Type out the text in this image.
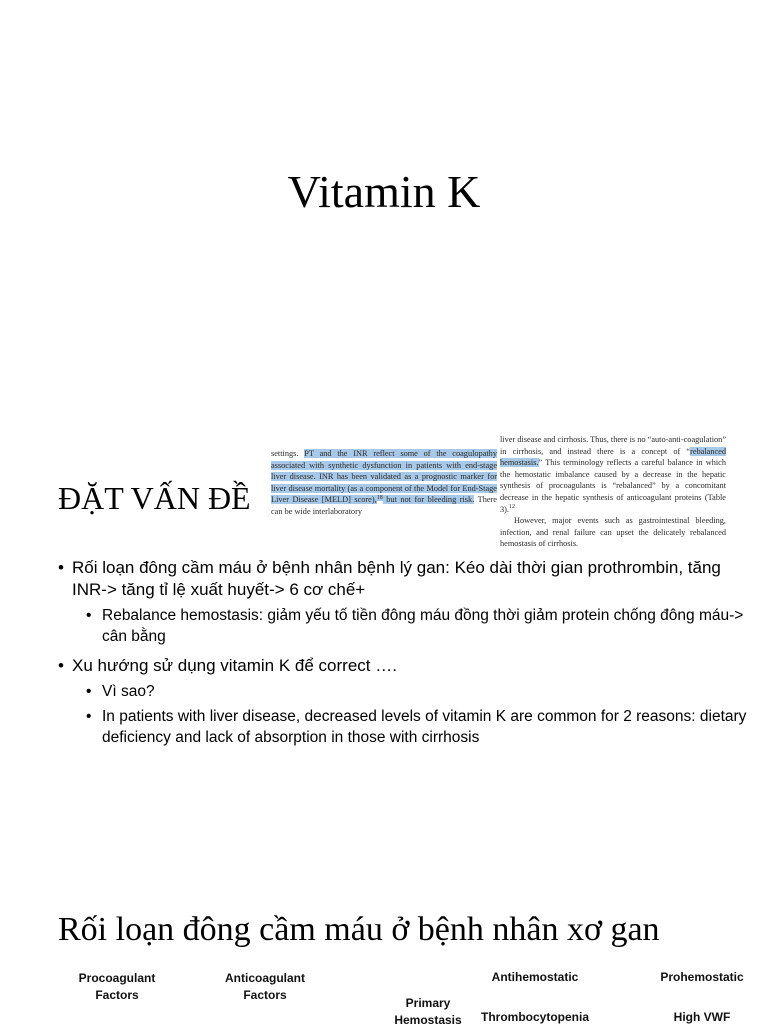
Vitamin K
ĐẶT VẤN ĐỀ

settings. PT and the INR reflect some of the coagulopathy associated with synthetic dysfunction in patients with end-stage liver disease. INR has been validated as a prognostic marker for liver disease mortality (as a component of the Model for End-Stage Liver Disease [MELD] score),$^{18}$ but not for bleeding risk. There can be wide interlaboratory

liver disease and cirrhosis. Thus, there is no “auto-anti-coagulation” in cirrhosis, and instead there is a concept of “rebalanced hemostasis.” This terminology reflects a careful balance in which the hemostatic imbalance caused by a decrease in the hepatic synthesis of procoagulants is “rebalanced” by a concomitant decrease in the hepatic synthesis of anticoagulant proteins (Table 3).$^{12}$

However, major events such as gastrointestinal bleeding, infection, and renal failure can upset the delicately rebalanced hemostasis of cirrhosis.

• Rối loạn đông cầm máu ở bệnh nhân bệnh lý gan: Kéo dài thời gian prothrombin, tăng INR-> tăng tỉ lệ xuất huyết-> 6 cơ chế+
• Rebalance hemostasis: giảm yếu tố tiền đông máu đồng thời giảm protein chống đông máu-> cân bằng
• Xu hướng sử dụng vitamin K để correct ….
• Vì sao?
• In patients with liver disease, decreased levels of vitamin K are common for 2 reasons: dietary deficiency and lack of absorption in those with cirrhosis
Rối loạn đông cầm máu ở bệnh nhân xơ gan
Procoagulant Factors
Anticoagulant Factors
Primary Hemostasis
Antihemostatic
Thrombocytopenia
Prohemostatic
High VWF
